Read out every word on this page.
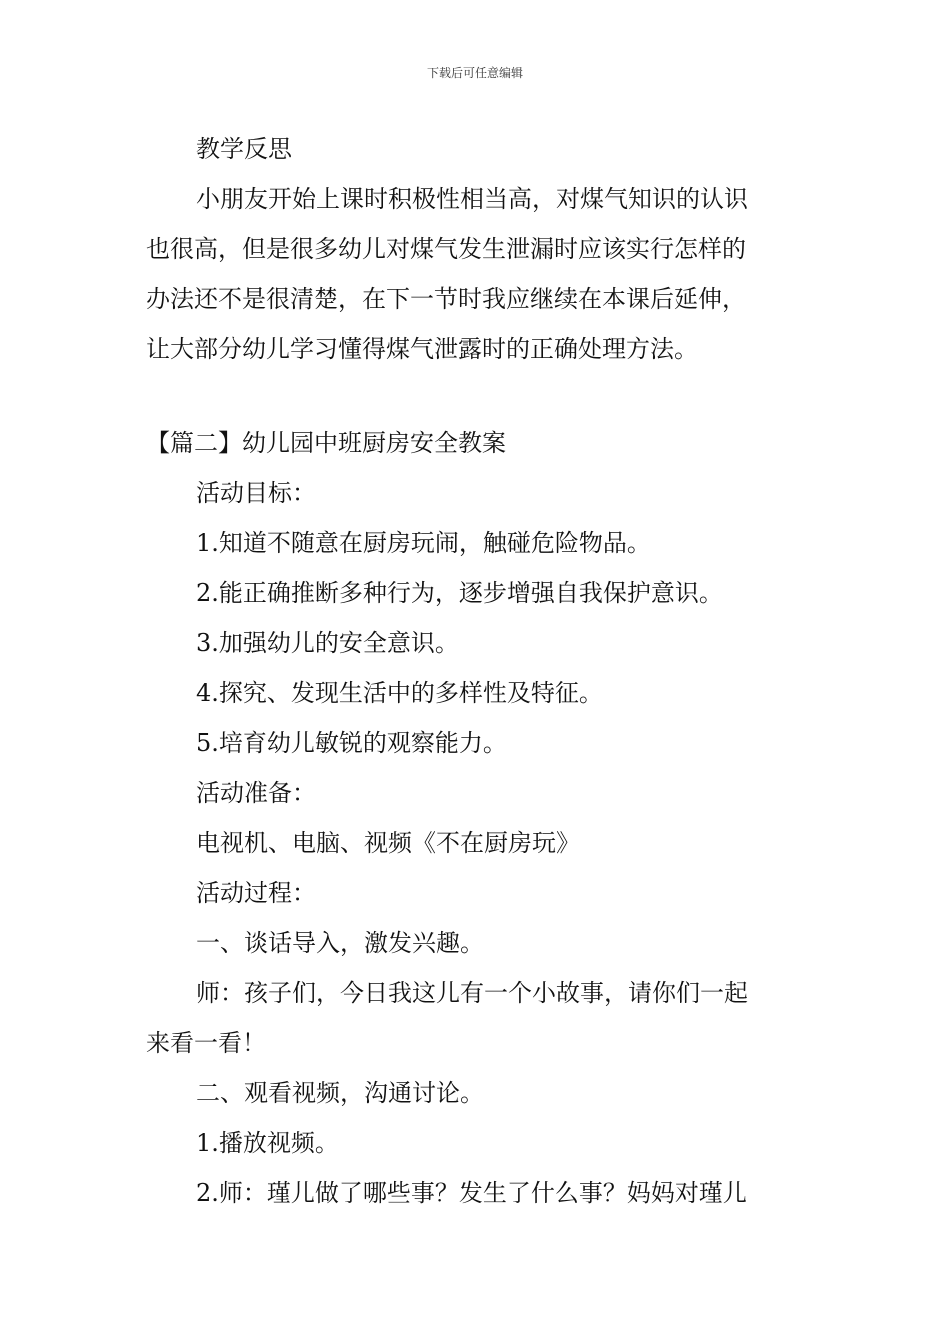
下载后可任意编辑
教学反思
小朋友开始上课时积极性相当高，对煤气知识的认识
也很高，但是很多幼儿对煤气发生泄漏时应该实行怎样的
办法还不是很清楚，在下一节时我应继续在本课后延伸，
让大部分幼儿学习懂得煤气泄露时的正确处理方法。
【篇二】幼儿园中班厨房安全教案
活动目标：
1.知道不随意在厨房玩闹，触碰危险物品。
2.能正确推断多种行为，逐步增强自我保护意识。
3.加强幼儿的安全意识。
4.探究、发现生活中的多样性及特征。
5.培育幼儿敏锐的观察能力。
活动准备：
电视机、电脑、视频《不在厨房玩》
活动过程：
一、谈话导入，激发兴趣。
师：孩子们，今日我这儿有一个小故事，请你们一起
来看一看！
二、观看视频，沟通讨论。
1.播放视频。
2.师：瑾儿做了哪些事？发生了什么事？妈妈对瑾儿
